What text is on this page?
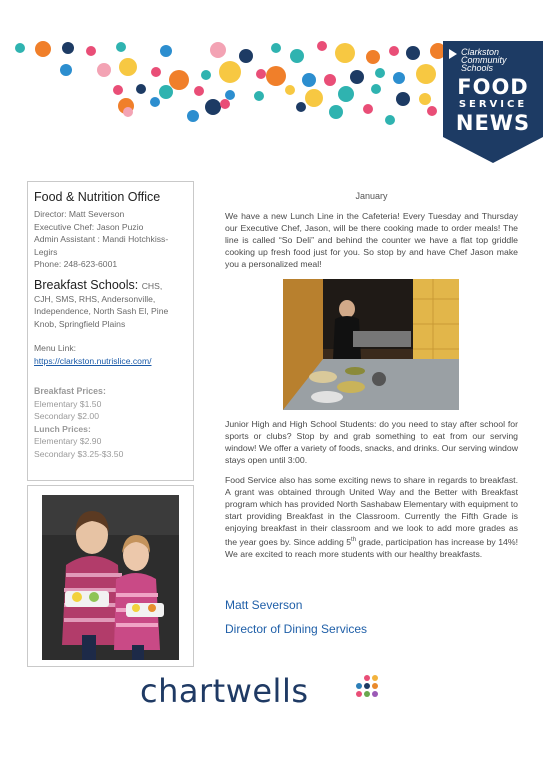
Clarkston
Community
Schools
FOOD
SERVICE
NEWS
Food & Nutrition Office
Director: Matt Severson
Executive Chef: Jason Puzio
Admin Assistant : Mandi Hotchkiss-
Legirs
Phone: 248-623-6001
Breakfast Schools: CHS,
CJH, SMS, RHS, Andersonville,
Independence, North Sash El, Pine
Knob, Springfield Plains
Menu Link:
https://clarkston.nutrislice.com/
Breakfast Prices:
Elementary $1.50
Secondary $2.00
Lunch Prices:
Elementary $2.90
Secondary $3.25-$3.50
January

We have a new Lunch Line in the Cafeteria! Every Tuesday and Thursday our Executive Chef, Jason, will be there cooking made to order meals! The line is called “So Deli” and behind the counter we have a flat top griddle cooking up fresh food just for you. So stop by and have Chef Jason make you a personalized meal!

Junior High and High School Students: do you need to stay after school for sports or clubs? Stop by and grab something to eat from our serving window! We offer a variety of foods, snacks, and drinks. Our serving window stays open until 3:00.

Food Service also has some exciting news to share in regards to breakfast. A grant was obtained through United Way and the Better with Breakfast program which has provided North Sashabaw Elementary with equipment to start providing Breakfast in the Classroom. Currently the Fifth Grade is enjoying breakfast in their classroom and we look to add more grades as the year goes by. Since adding 5th grade, participation has increase by 14%! We are excited to reach more students with our healthy breakfasts.

Matt Severson
Director of Dining Services
chartwells
